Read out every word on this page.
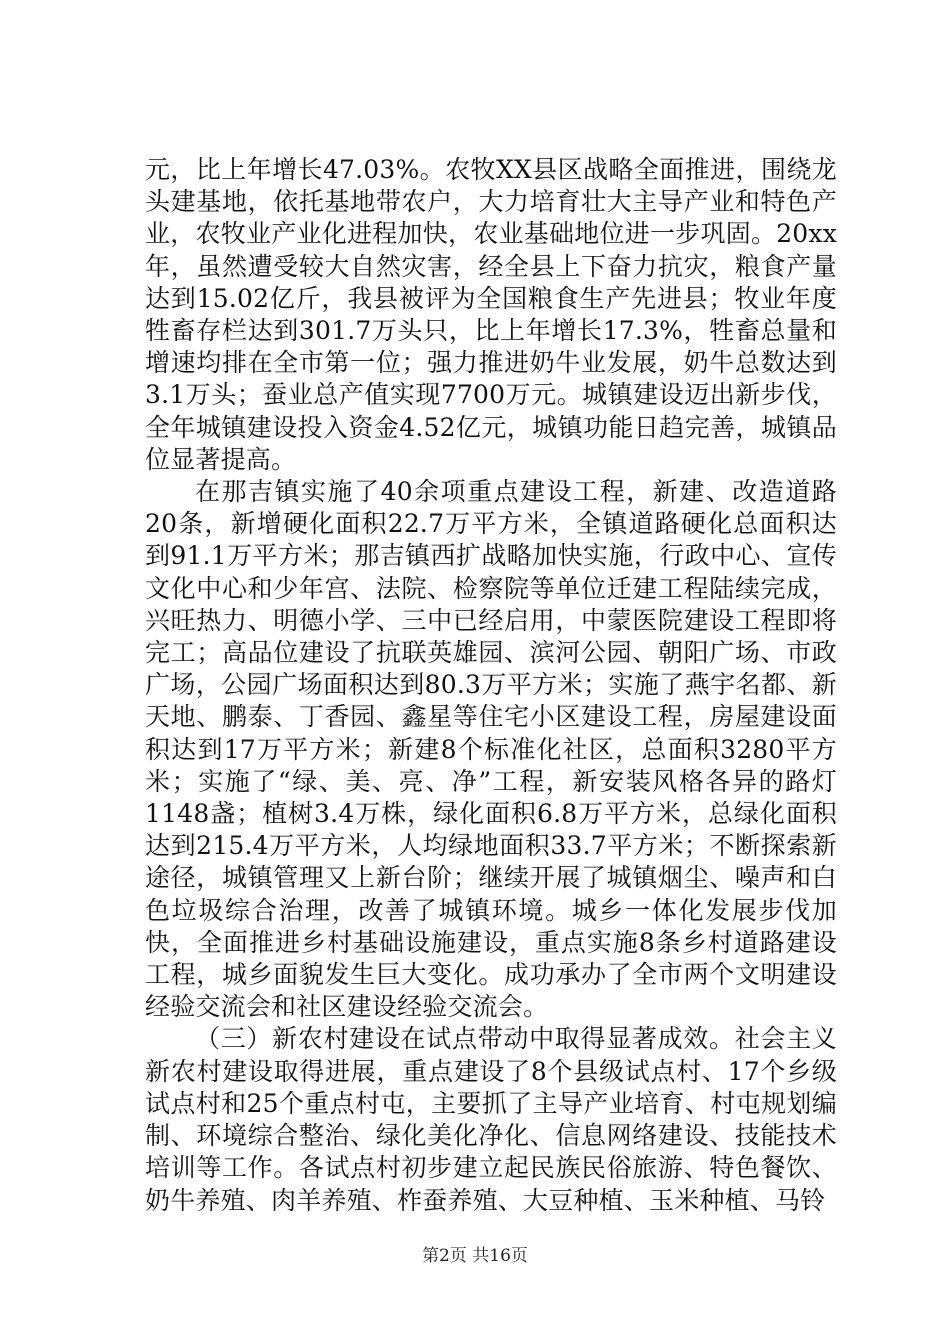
元，比上年增长47.03%。农牧XX县区战略全面推进，围绕龙头建基地，依托基地带农户，大力培育壮大主导产业和特色产业，农牧业产业化进程加快，农业基础地位进一步巩固。20xx年，虽然遭受较大自然灾害，经全县上下奋力抗灾，粮食产量达到15.02亿斤，我县被评为全国粮食生产先进县；牧业年度牲畜存栏达到301.7万头只，比上年增长17.3%，牲畜总量和增速均排在全市第一位；强力推进奶牛业发展，奶牛总数达到3.1万头；蚕业总产值实现7700万元。城镇建设迈出新步伐，全年城镇建设投入资金4.52亿元，城镇功能日趋完善，城镇品位显著提高。

在那吉镇实施了40余项重点建设工程，新建、改造道路20条，新增硬化面积22.7万平方米，全镇道路硬化总面积达到91.1万平方米；那吉镇西扩战略加快实施，行政中心、宣传文化中心和少年宫、法院、检察院等单位迁建工程陆续完成，兴旺热力、明德小学、三中已经启用，中蒙医院建设工程即将完工；高品位建设了抗联英雄园、滨河公园、朝阳广场、市政广场，公园广场面积达到80.3万平方米；实施了燕宇名都、新天地、鹏泰、丁香园、鑫星等住宅小区建设工程，房屋建设面积达到17万平方米；新建8个标准化社区，总面积3280平方米；实施了“绿、美、亮、净”工程，新安装风格各异的路灯1148盏；植树3.4万株，绿化面积6.8万平方米，总绿化面积达到215.4万平方米，人均绿地面积33.7平方米；不断探索新途径，城镇管理又上新台阶；继续开展了城镇烟尘、噪声和白色垃圾综合治理，改善了城镇环境。城乡一体化发展步伐加快，全面推进乡村基础设施建设，重点实施8条乡村道路建设工程，城乡面貌发生巨大变化。成功承办了全市两个文明建设经验交流会和社区建设经验交流会。

（三）新农村建设在试点带动中取得显著成效。社会主义新农村建设取得进展，重点建设了8个县级试点村、17个乡级试点村和25个重点村屯，主要抓了主导产业培育、村屯规划编制、环境综合整治、绿化美化净化、信息网络建设、技能技术培训等工作。各试点村初步建立起民族民俗旅游、特色餐饮、奶牛养殖、肉羊养殖、柞蚕养殖、大豆种植、玉米种植、马铃

第2页 共16页
